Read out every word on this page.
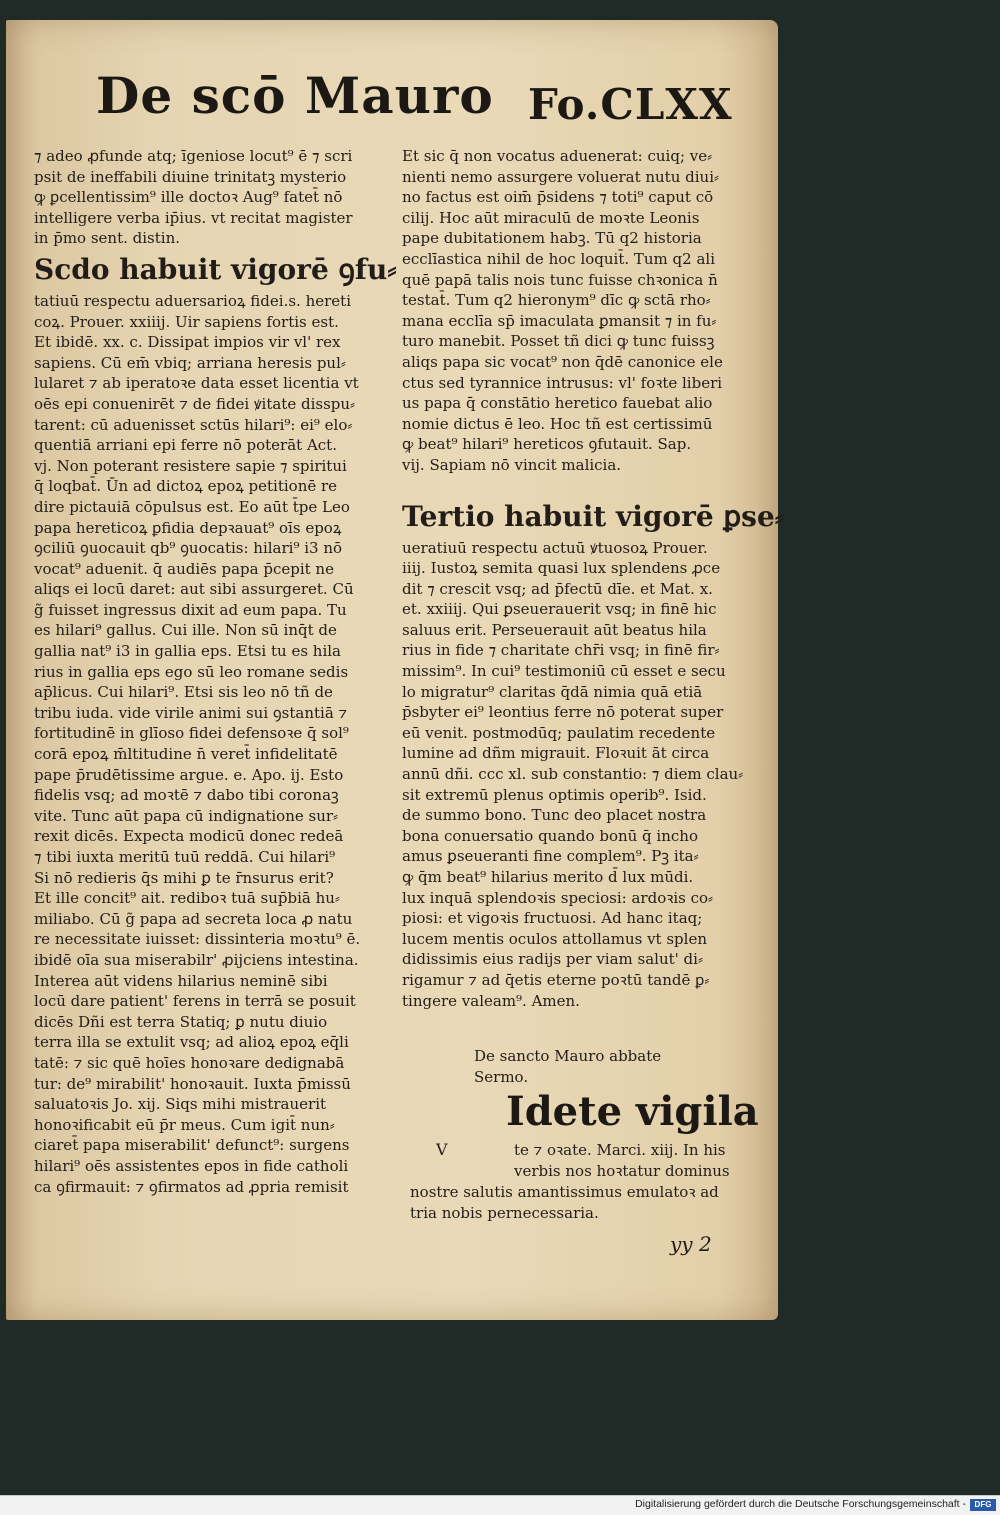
De scō Mauro Fo.CLXX
⁊ adeo ꝓfunde atq; īgeniose locut⁹ ē ⁊ scri
psit de ineffabili diuine trinitatꝫ mysterio
ꝙ ꝑcellentissim⁹ ille doctoꝛ Aug⁹ fatet̄ nō
intelligere verba ip̄ius. vt recitat magister
in p̄mo sent. distin.
Scdo habuit vigorē ꝯfu⸗
tatiuū respectu aduersarioꝝ fidei.s. hereti
coꝝ. Prouer. xxiiij. Uir sapiens fortis est.
Et ibidē. xx. c. Dissipat impios vir vl' rex
sapiens. Cū em̄ vbiq; arriana heresis pul⸗
lularet ⁊ ab iperatoꝛe data esset licentia vt
oēs epi conuenirēt ⁊ de fidei ꝟitate disspu⸗
tarent: cū aduenisset sctūs hilari⁹: ei⁹ elo⸗
quentiā arriani epi ferre nō poterāt Act.
vj. Non poterant resistere sapie ⁊ spiritui
q̄ loqbat̄. Ūn ad dictoꝝ epoꝝ petitionē re
dire pictauiā cōpulsus est. Eo aūt t̄pe Leo
papa hereticoꝝ ꝑfidia depꝛauat⁹ oīs epoꝝ
ꝯciliū ꝯuocauit qb⁹ ꝯuocatis: hilari⁹ i3 nō
vocat⁹ aduenit. q̄ audiēs papa p̄cepit ne
aliqs ei locū daret: aut sibi assurgeret. Cū
g̃ fuisset ingressus dixit ad eum papa. Tu
es hilari⁹ gallus. Cui ille. Non sū inq̄t de
gallia nat⁹ i3 in gallia eps. Etsi tu es hila
rius in gallia eps ego sū leo romane sedis
ap̄licus. Cui hilari⁹. Etsi sis leo nō tñ de
tribu iuda. vide virile animi sui ꝯstantiā ⁊
fortitudinē in glīoso fidei defensoꝛe q̄ sol⁹
corā epoꝝ m̄ltitudine n̄ veret̄ infidelitatē
pape p̄rudētissime argue. e. Apo. ij. Esto
fidelis vsq; ad moꝛtē ⁊ dabo tibi coronaꝫ
vite. Tunc aūt papa cū indignatione sur⸗
rexit dicēs. Expecta modicū donec redeā
⁊ tibi iuxta meritū tuū reddā. Cui hilari⁹
Si nō redieris q̄s mihi ꝑ te r̄nsurus erit?
Et ille concit⁹ ait. rediboꝛ tuā sup̄biā hu⸗
miliabo. Cū g̃ papa ad secreta loca ꝓ natu
re necessitate iuisset: dissinteria moꝛtu⁹ ē.
ibidē oīa sua miserabilr' ꝓijciens intestina.
Interea aūt videns hilarius neminē sibi
locū dare patient' ferens in terrā se posuit
dicēs Dñi est terra Statiq; ꝑ nutu diuio
terra illa se extulit vsq; ad alioꝝ epoꝝ eq̄li
tatē: ⁊ sic quē hoīes honoꝛare dedignabā
tur: de⁹ mirabilit' honoꝛauit. Iuxta p̄missū
saluatoꝛis Jo. xij. Siqs mihi mistrauerit
honoꝛificabit eū p̄r meus. Cum igit̄ nun⸗
ciaret̄ papa miserabilit' defunct⁹: surgens
hilari⁹ oēs assistentes epos in fide catholi
ca ꝯfirmauit: ⁊ ꝯfirmatos ad ꝓpria remisit
Et sic q̄ non vocatus aduenerat: cuiq; ve⸗
nienti nemo assurgere voluerat nutu diui⸗
no factus est oim̄ p̄sidens ⁊ toti⁹ caput cō
cilij. Hoc aūt miraculū de moꝛte Leonis
pape dubitationem habꝫ. Tū q2 historia
ecclīastica nihil de hoc loquit̄. Tum q2 ali
quē papā talis nois tunc fuisse chꝛonica n̄
testat̄. Tum q2 hieronym⁹ dīc ꝙ sctā rho⸗
mana ecclīa sp̄ imaculata ꝑmansit ⁊ in fu⸗
turo manebit. Posset tñ dici ꝙ tunc fuissꝫ
aliqs papa sic vocat⁹ non q̄dē canonice ele
ctus sed tyrannice intrusus: vl' foꝛte liberi
us papa q̄ constātio heretico fauebat alio
nomie dictus ē leo. Hoc tñ est certissimū
ꝙ beat⁹ hilari⁹ hereticos ꝯfutauit. Sap.
vij. Sapiam nō vincit malicia.
Tertio habuit vigorē ꝑse⸗
ueratiuū respectu actuū ꝟtuosoꝝ Prouer.
iiij. Iustoꝝ semita quasi lux splendens ꝓce
dit ⁊ crescit vsq; ad p̄fectū dīe. et Mat. x.
et. xxiiij. Qui ꝑseuerauerit vsq; in finē hic
saluus erit. Perseuerauit aūt beatus hila
rius in fide ⁊ charitate chr̄i vsq; in finē fir⸗
missim⁹. In cui⁹ testimoniū cū esset e secu
lo migratur⁹ claritas q̄dā nimia quā etiā
p̄sbyter ei⁹ leontius ferre nō poterat super
eū venit. postmodūq; paulatim recedente
lumine ad dñm migrauit. Floꝛuit āt circa
annū dñi. ccc xl. sub constantio: ⁊ diem clau⸗
sit extremū plenus optimis operib⁹. Isid.
de summo bono. Tunc deo placet nostra
bona conuersatio quando bonū q̄ incho
amus ꝑseueranti fine complem⁹. Pꝫ ita⸗
ꝙ q̄m beat⁹ hilarius merito d̄ lux mūdi.
lux inquā splendoꝛis speciosi: ardoꝛis co⸗
piosi: et vigoꝛis fructuosi. Ad hanc itaq;
lucem mentis oculos attollamus vt splen
didissimis eius radijs per viam salut' di⸗
rigamur ⁊ ad q̄etis eterne poꝛtū tandē ꝑ⸗
tingere valeam⁹. Amen.
De sancto Mauro abbate
Sermo.
Idete vigila
V	te ⁊ oꝛate. Marci. xiij. In his
verbis nos hoꝛtatur dominus
nostre salutis amantissimus emulatoꝛ ad
tria nobis pernecessaria.
yy 2
Digitalisierung gefördert durch die Deutsche Forschungsgemeinschaft -	DFG
